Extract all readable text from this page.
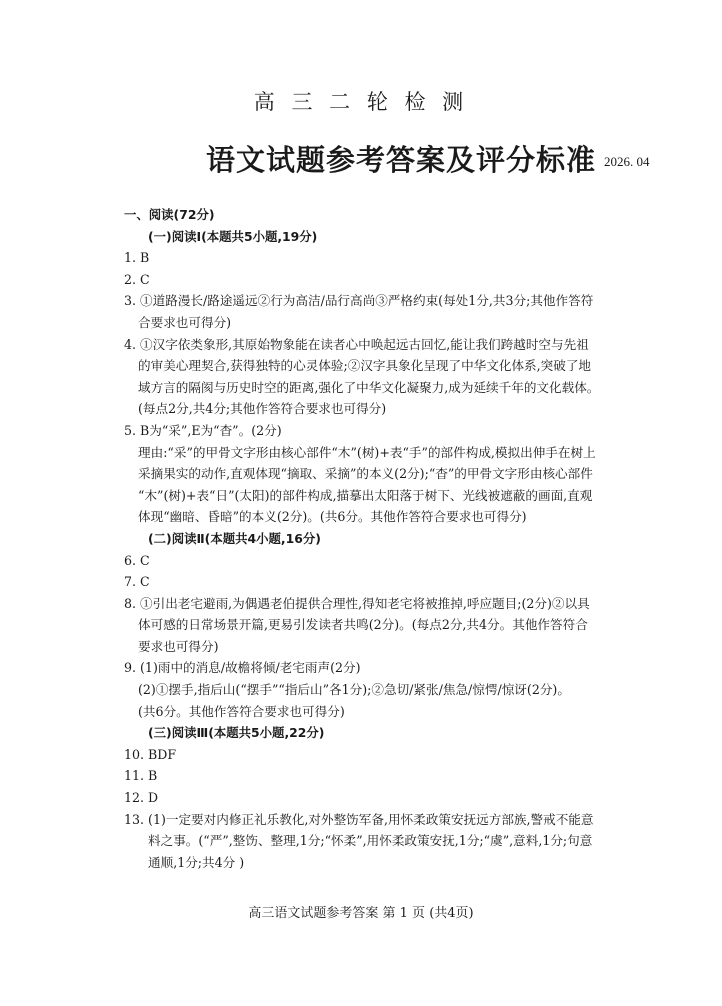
高 三 二 轮 检 测
语文试题参考答案及评分标准 2026. 04
一、阅读(72分)
(一)阅读Ⅰ(本题共5小题,19分)
1. B
2. C
3. ①道路漫长/路途遥远②行为高洁/品行高尚③严格约束(每处1分,共3分;其他作答符
合要求也可得分)
4. ①汉字依类象形,其原始物象能在读者心中唤起远古回忆,能让我们跨越时空与先祖
的审美心理契合,获得独特的心灵体验;②汉字具象化呈现了中华文化体系,突破了地
域方言的隔阂与历史时空的距离,强化了中华文化凝聚力,成为延续千年的文化载体。
(每点2分,共4分;其他作答符合要求也可得分)
5. B为“采”,E为“杳”。(2分)
理由:“采”的甲骨文字形由核心部件“木”(树)+表“手”的部件构成,模拟出伸手在树上
采摘果实的动作,直观体现“摘取、采摘”的本义(2分);“杳”的甲骨文字形由核心部件
“木”(树)+表“日”(太阳)的部件构成,描摹出太阳落于树下、光线被遮蔽的画面,直观
体现“幽暗、昏暗”的本义(2分)。(共6分。其他作答符合要求也可得分)
(二)阅读Ⅱ(本题共4小题,16分)
6. C
7. C
8. ①引出老宅避雨,为偶遇老伯提供合理性,得知老宅将被推掉,呼应题目;(2分)②以具
体可感的日常场景开篇,更易引发读者共鸣(2分)。(每点2分,共4分。其他作答符合
要求也可得分)
9. (1)雨中的消息/故檐将倾/老宅雨声(2分)
(2)①摆手,指后山(“摆手”“指后山”各1分);②急切/紧张/焦急/惊愕/惊讶(2分)。
(共6分。其他作答符合要求也可得分)
(三)阅读Ⅲ(本题共5小题,22分)
10. BDF
11. B
12. D
13. (1)一定要对内修正礼乐教化,对外整饬军备,用怀柔政策安抚远方部族,警戒不能意
料之事。(“严”,整饬、整理,1分;“怀柔”,用怀柔政策安抚,1分;“虞”,意料,1分;句意
通顺,1分;共4分 )
高三语文试题参考答案 第 1 页 (共4页)
